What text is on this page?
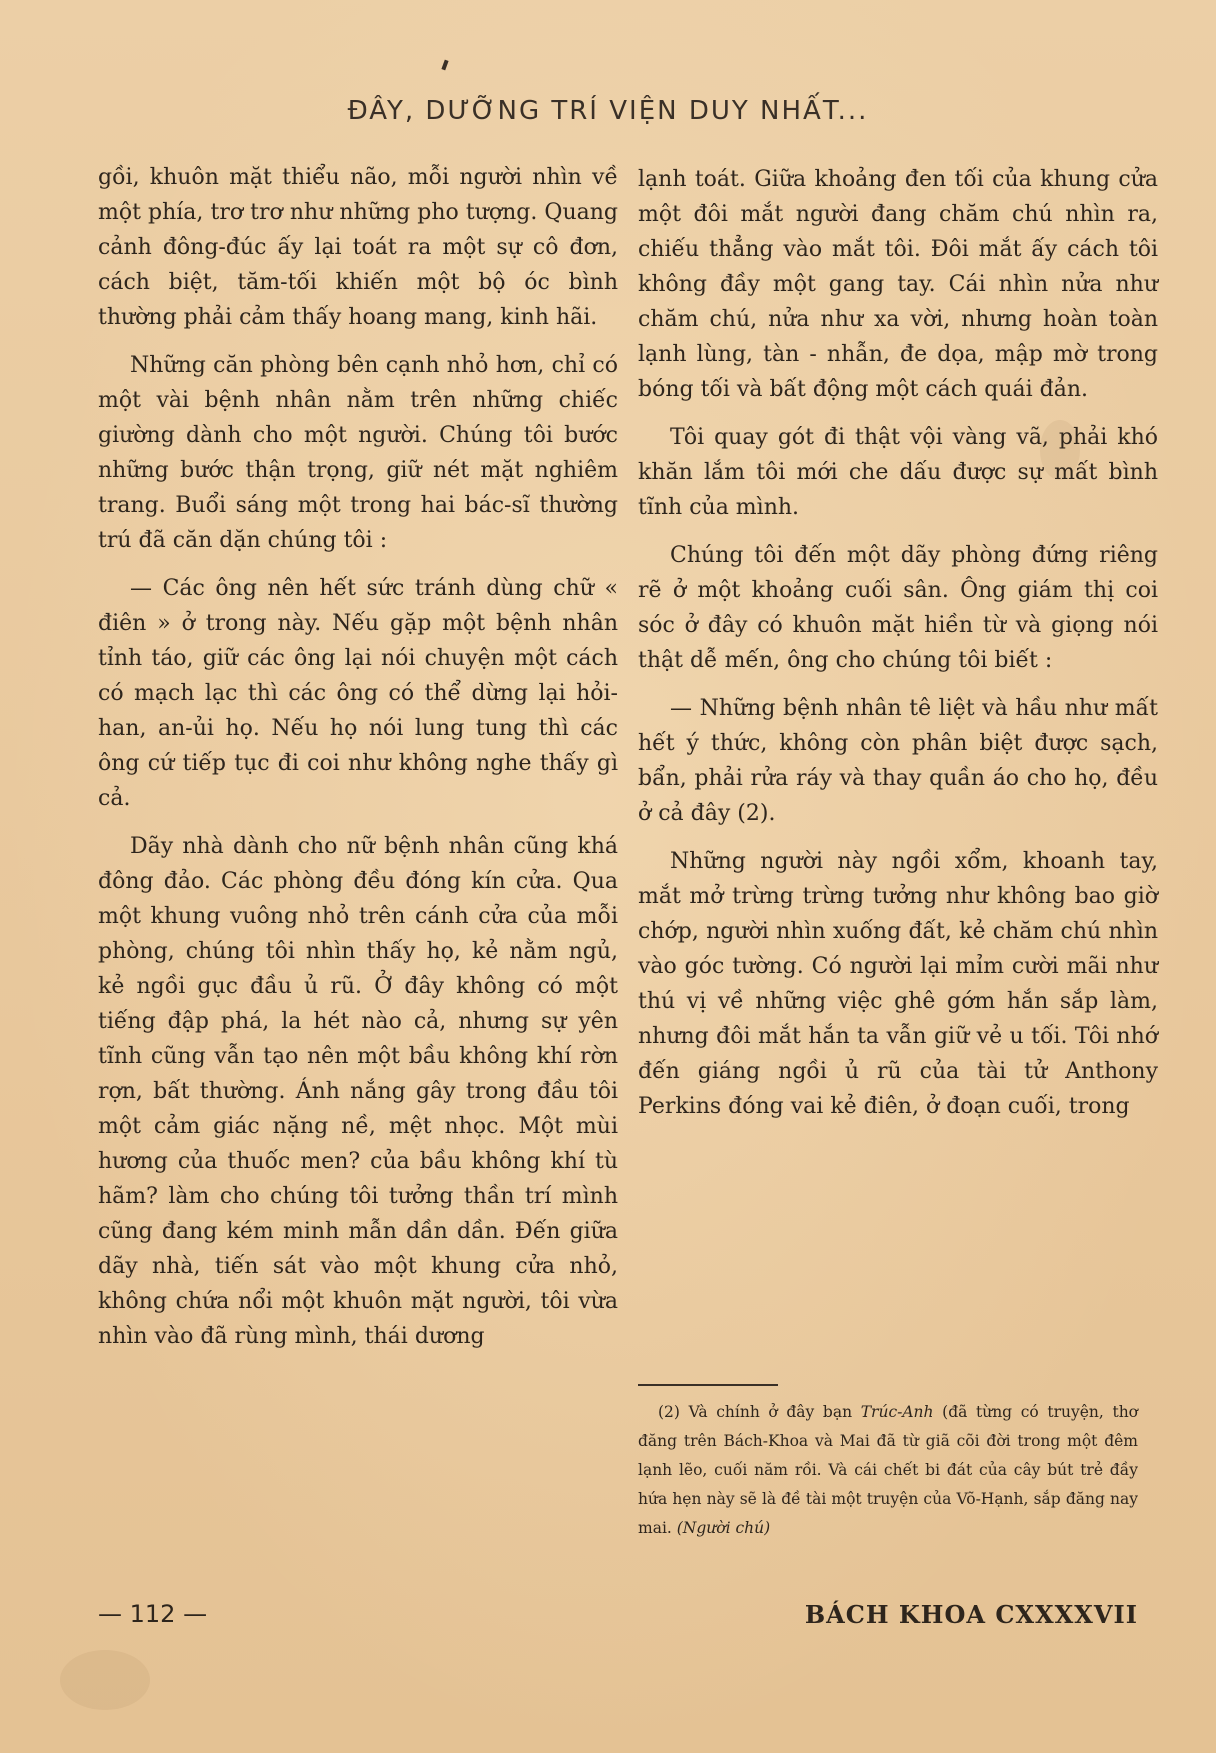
ĐÂY, DƯỠNG TRÍ VIỆN DUY NHẤT...

gồi, khuôn mặt thiểu não, mỗi người nhìn về một phía, trơ trơ như những pho tượng. Quang cảnh đông-đúc ấy lại toát ra một sự cô đơn, cách biệt, tăm-tối khiến một bộ óc bình thường phải cảm thấy hoang mang, kinh hãi.

Những căn phòng bên cạnh nhỏ hơn, chỉ có một vài bệnh nhân nằm trên những chiếc giường dành cho một người. Chúng tôi bước những bước thận trọng, giữ nét mặt nghiêm trang. Buổi sáng một trong hai bác-sĩ thường trú đã căn dặn chúng tôi :

— Các ông nên hết sức tránh dùng chữ « điên » ở trong này. Nếu gặp một bệnh nhân tỉnh táo, giữ các ông lại nói chuyện một cách có mạch lạc thì các ông có thể dừng lại hỏi-han, an-ủi họ. Nếu họ nói lung tung thì các ông cứ tiếp tục đi coi như không nghe thấy gì cả.

Dãy nhà dành cho nữ bệnh nhân cũng khá đông đảo. Các phòng đều đóng kín cửa. Qua một khung vuông nhỏ trên cánh cửa của mỗi phòng, chúng tôi nhìn thấy họ, kẻ nằm ngủ, kẻ ngồi gục đầu ủ rũ. Ở đây không có một tiếng đập phá, la hét nào cả, nhưng sự yên tĩnh cũng vẫn tạo nên một bầu không khí rờn rợn, bất thường. Ánh nắng gây trong đầu tôi một cảm giác nặng nề, mệt nhọc. Một mùi hương của thuốc men? của bầu không khí tù hãm? làm cho chúng tôi tưởng thần trí mình cũng đang kém minh mẫn dần dần. Đến giữa dãy nhà, tiến sát vào một khung cửa nhỏ, không chứa nổi một khuôn mặt người, tôi vừa nhìn vào đã rùng mình, thái dương

lạnh toát. Giữa khoảng đen tối của khung cửa một đôi mắt người đang chăm chú nhìn ra, chiếu thẳng vào mắt tôi. Đôi mắt ấy cách tôi không đầy một gang tay. Cái nhìn nửa như chăm chú, nửa như xa vời, nhưng hoàn toàn lạnh lùng, tàn - nhẫn, đe dọa, mập mờ trong bóng tối và bất động một cách quái đản.

Tôi quay gót đi thật vội vàng vã, phải khó khăn lắm tôi mới che dấu được sự mất bình tĩnh của mình.

Chúng tôi đến một dãy phòng đứng riêng rẽ ở một khoảng cuối sân. Ông giám thị coi sóc ở đây có khuôn mặt hiền từ và giọng nói thật dễ mến, ông cho chúng tôi biết :

— Những bệnh nhân tê liệt và hầu như mất hết ý thức, không còn phân biệt được sạch, bẩn, phải rửa ráy và thay quần áo cho họ, đều ở cả đây (2).

Những người này ngồi xổm, khoanh tay, mắt mở trừng trừng tưởng như không bao giờ chớp, người nhìn xuống đất, kẻ chăm chú nhìn vào góc tường. Có người lại mỉm cười mãi như thú vị về những việc ghê gớm hắn sắp làm, nhưng đôi mắt hắn ta vẫn giữ vẻ u tối. Tôi nhớ đến giáng ngồi ủ rũ của tài tử Anthony Perkins đóng vai kẻ điên, ở đoạn cuối, trong

(2) Và chính ở đây bạn Trúc-Anh (đã từng có truyện, thơ đăng trên Bách-Khoa và Mai đã từ giã cõi đời trong một đêm lạnh lẽo, cuối năm rồi. Và cái chết bi đát của cây bút trẻ đầy hứa hẹn này sẽ là đề tài một truyện của Võ-Hạnh, sắp đăng nay mai. (Người chú)
— 112 —	BÁCH KHOA CXXXXVII
